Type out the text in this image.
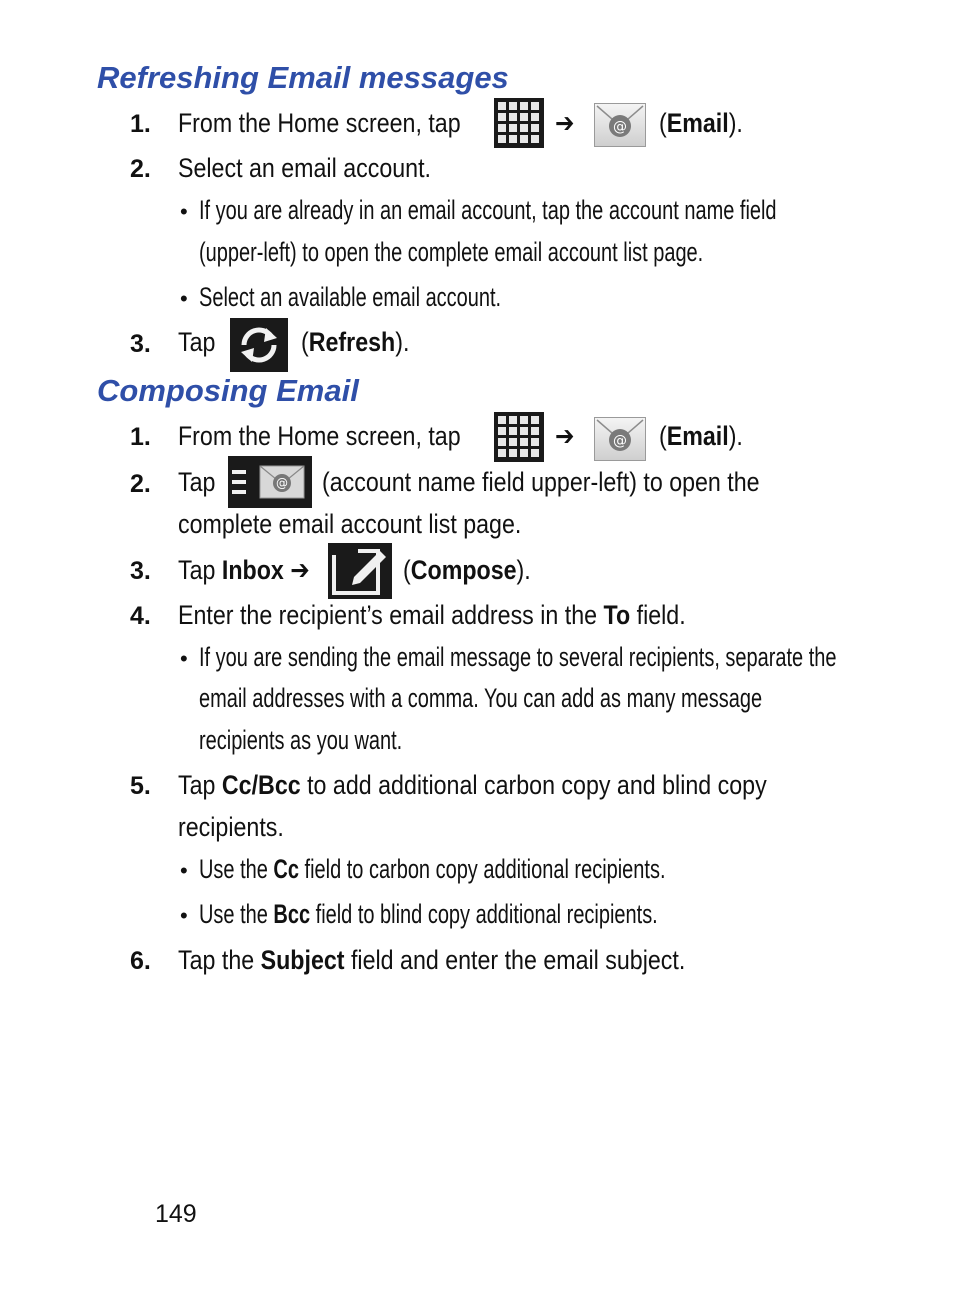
Refreshing Email messages
1.	From the Home screen, tap	➔	@ (Email).
2.	Select an email account.
• If you are already in an email account, tap the account name field
(upper-left) to open the complete email account list page.
• Select an available email account.
3.	Tap	(Refresh).
Composing Email
1.	From the Home screen, tap	➔	@ (Email).
2.	Tap	@ (account name field upper-left) to open the
complete email account list page.
3.	Tap Inbox ➔	(Compose).
4.	Enter the recipient’s email address in the To field.
• If you are sending the email message to several recipients, separate the
email addresses with a comma. You can add as many message
recipients as you want.
5.	Tap Cc/Bcc to add additional carbon copy and blind copy
recipients.
• Use the Cc field to carbon copy additional recipients.
• Use the Bcc field to blind copy additional recipients.
6.	Tap the Subject field and enter the email subject.
149
